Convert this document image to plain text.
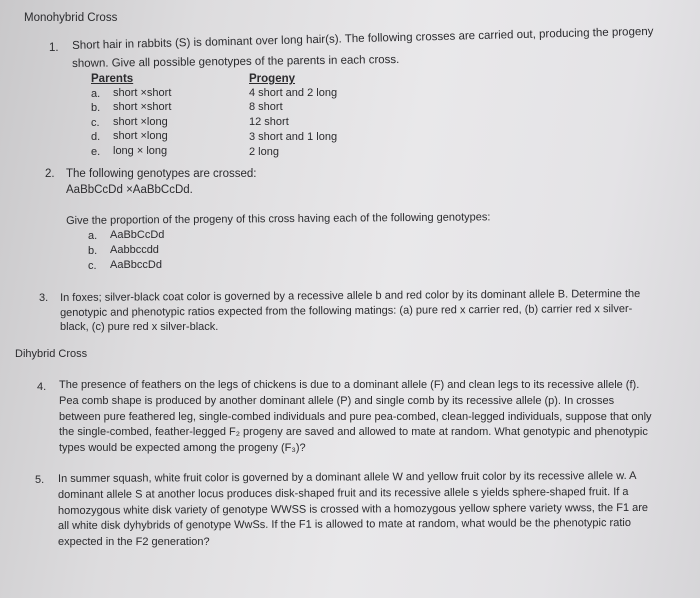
Monohybrid Cross
1. Short hair in rabbits (S) is dominant over long hair(s). The following crosses are carried out, producing the progeny
shown. Give all possible genotypes of the parents in each cross.
Parents	Progeny
a. short ×short	4 short and 2 long
b. short ×short	8 short
c. short ×long	12 short
d. short ×long	3 short and 1 long
e. long × long	2 long
2. The following genotypes are crossed:
AaBbCcDd ×AaBbCcDd.
Give the proportion of the progeny of this cross having each of the following genotypes:
a. AaBbCcDd
b. Aabbccdd
c. AaBbccDd
3. In foxes; silver-black coat color is governed by a recessive allele b and red color by its dominant allele B. Determine the
genotypic and phenotypic ratios expected from the following matings: (a) pure red x carrier red, (b) carrier red x silver-
black, (c) pure red x silver-black.
Dihybrid Cross
4. The presence of feathers on the legs of chickens is due to a dominant allele (F) and clean legs to its recessive allele (f).
Pea comb shape is produced by another dominant allele (P) and single comb by its recessive allele (p). In crosses
between pure feathered leg, single-combed individuals and pure pea-combed, clean-legged individuals, suppose that only
the single-combed, feather-legged F₂ progeny are saved and allowed to mate at random. What genotypic and phenotypic
types would be expected among the progeny (F₃)?
5. In summer squash, white fruit color is governed by a dominant allele W and yellow fruit color by its recessive allele w. A
dominant allele S at another locus produces disk-shaped fruit and its recessive allele s yields sphere-shaped fruit. If a
homozygous white disk variety of genotype WWSS is crossed with a homozygous yellow sphere variety wwss, the F1 are
all white disk dyhybrids of genotype WwSs. If the F1 is allowed to mate at random, what would be the phenotypic ratio
expected in the F2 generation?
